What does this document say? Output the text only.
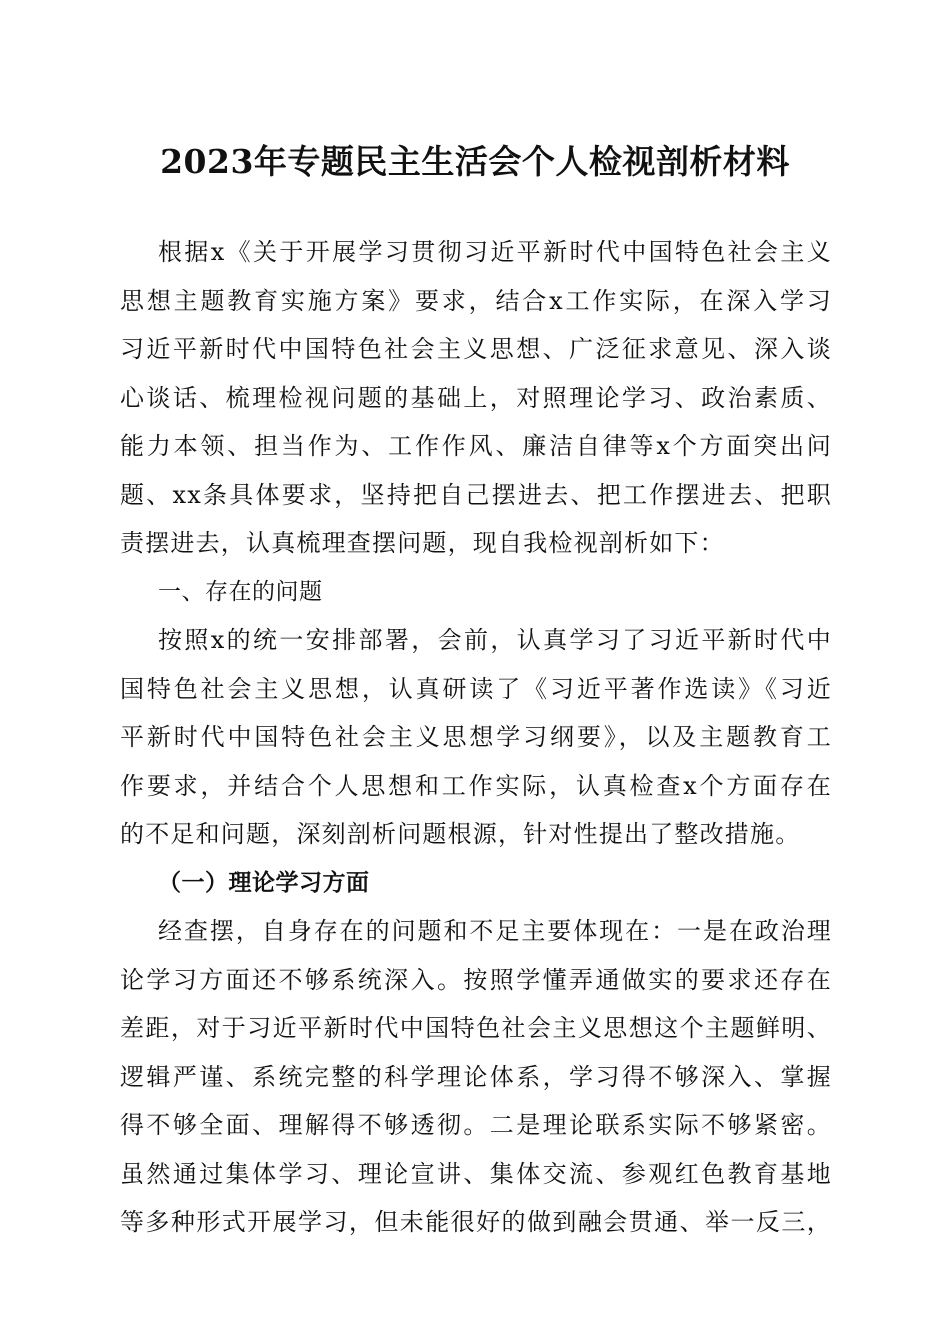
2023年专题民主生活会个人检视剖析材料
根据x《关于开展学习贯彻习近平新时代中国特色社会主义
思想主题教育实施方案》要求，结合x工作实际，在深入学习
习近平新时代中国特色社会主义思想、广泛征求意见、深入谈
心谈话、梳理检视问题的基础上，对照理论学习、政治素质、
能力本领、担当作为、工作作风、廉洁自律等x个方面突出问
题、xx条具体要求，坚持把自己摆进去、把工作摆进去、把职
责摆进去，认真梳理查摆问题，现自我检视剖析如下：
一、存在的问题
按照x的统一安排部署，会前，认真学习了习近平新时代中
国特色社会主义思想，认真研读了《习近平著作选读》《习近
平新时代中国特色社会主义思想学习纲要》，以及主题教育工
作要求，并结合个人思想和工作实际，认真检查x个方面存在
的不足和问题，深刻剖析问题根源，针对性提出了整改措施。
（一）理论学习方面
经查摆，自身存在的问题和不足主要体现在：一是在政治理
论学习方面还不够系统深入。按照学懂弄通做实的要求还存在
差距，对于习近平新时代中国特色社会主义思想这个主题鲜明、
逻辑严谨、系统完整的科学理论体系，学习得不够深入、掌握
得不够全面、理解得不够透彻。二是理论联系实际不够紧密。
虽然通过集体学习、理论宣讲、集体交流、参观红色教育基地
等多种形式开展学习，但未能很好的做到融会贯通、举一反三，
